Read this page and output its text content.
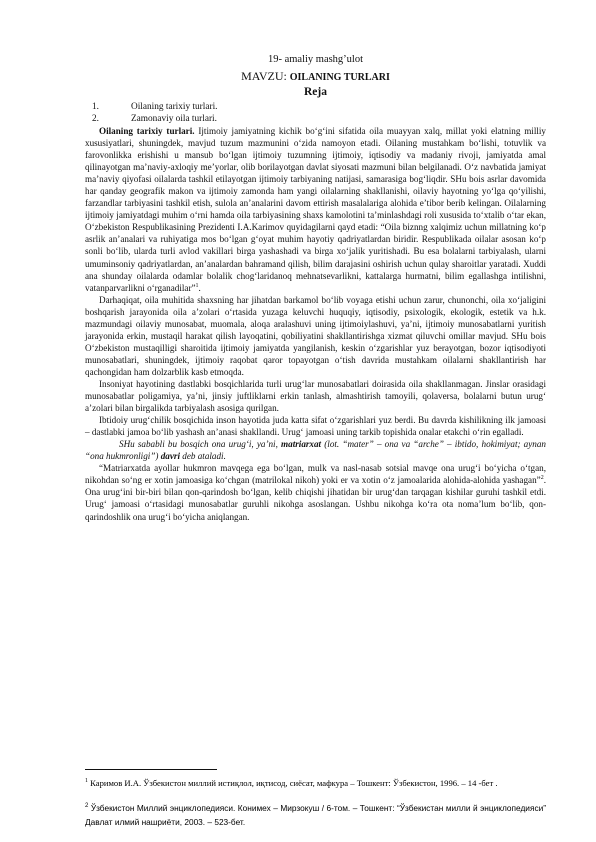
19- amaliy mashg’ulot
MAVZU: OILANING TURLARI
Reja
1.	Oilaning tarixiy turlari.
2.	Zamonaviy oila turlari.

Oilaning tarixiy turlari. Ijtimoiy jamiyatning kichik bo‘g‘ini sifatida oila muayyan xalq, millat yoki elatning milliy xususiyatlari, shuningdek, mavjud tuzum mazmunini o‘zida namoyon etadi. Oilaning mustahkam bo‘lishi, totuvlik va farovonlikka erishishi u mansub bo‘lgan ijtimoiy tuzumning ijtimoiy, iqtisodiy va madaniy rivoji, jamiyatda amal qilinayotgan ma’naviy-axloqiy me’yorlar, olib borilayotgan davlat siyosati mazmuni bilan belgilanadi. O‘z navbatida jamiyat ma’naviy qiyofasi oilalarda tashkil etilayotgan ijtimoiy tarbiyaning natijasi, samarasiga bog‘liqdir. SHu bois asrlar davomida har qanday geografik makon va ijtimoiy zamonda ham yangi oilalarning shakllanishi, oilaviy hayotning yo‘lga qo‘yilishi, farzandlar tarbiyasini tashkil etish, sulola an’analarini davom ettirish masalalariga alohida e’tibor berib kelingan. Oilalarning ijtimoiy jamiyatdagi muhim o‘rni hamda oila tarbiyasining shaxs kamolotini ta’minlashdagi roli xususida to‘xtalib o‘tar ekan, O‘zbekiston Respublikasining Prezidenti I.A.Karimov quyidagilarni qayd etadi: “Oila biznng xalqimiz uchun millatning ko‘p asrlik an’analari va ruhiyatiga mos bo‘lgan g‘oyat muhim hayotiy qadriyatlardan biridir. Respublikada oilalar asosan ko‘p sonli bo‘lib, ularda turli avlod vakillari birga yashashadi va birga xo‘jalik yuritishadi. Bu esa bolalarni tarbiyalash, ularni umuminsoniy qadriyatlardan, an’analardan bahramand qilish, bilim darajasini oshirish uchun qulay sharoitlar yaratadi. Xuddi ana shunday oilalarda odamlar bolalik chog‘laridanoq mehnatsevarlikni, kattalarga hurmatni, bilim egallashga intilishni, vatanparvarlikni o‘rganadilar”$^1$.

Darhaqiqat, oila muhitida shaxsning har jihatdan barkamol bo‘lib voyaga etishi uchun zarur, chunonchi, oila xo‘jaligini boshqarish jarayonida oila a’zolari o‘rtasida yuzaga keluvchi huquqiy, iqtisodiy, psixologik, ekologik, estetik va h.k. mazmundagi oilaviy munosabat, muomala, aloqa aralashuvi uning ijtimoiylashuvi, ya’ni, ijtimoiy munosabatlarni yuritish jarayonida erkin, mustaqil harakat qilish layoqatini, qobiliyatini shakllantirishga xizmat qiluvchi omillar mavjud. SHu bois O‘zbekiston mustaqilligi sharoitida ijtimoiy jamiyatda yangilanish, keskin o‘zgarishlar yuz berayotgan, bozor iqtisodiyoti munosabatlari, shuningdek, ijtimoiy raqobat qaror topayotgan o‘tish davrida mustahkam oilalarni shakllantirish har qachongidan ham dolzarblik kasb etmoqda.

Insoniyat hayotining dastlabki bosqichlarida turli urug‘lar munosabatlari doirasida oila shakllanmagan. Jinslar orasidagi munosabatlar poligamiya, ya’ni, jinsiy juftliklarni erkin tanlash, almashtirish tamoyili, qolaversa, bolalarni butun urug‘ a’zolari bilan birgalikda tarbiyalash asosiga qurilgan.

Ibtidoiy urug‘chilik bosqichida inson hayotida juda katta sifat o‘zgarishlari yuz berdi. Bu davrda kishilikning ilk jamoasi – dastlabki jamoa bo‘lib yashash an’anasi shakllandi. Urug‘ jamoasi uning tarkib topishida onalar etakchi o‘rin egalladi.

SHu sababli bu bosqich ona urug‘i, ya’ni, matriarxat (lot. “mater” – ona va “arche” – ibtido, hokimiyat; aynan “ona hukmronligi”) davri deb ataladi.

“Matriarxatda ayollar hukmron mavqega ega bo‘lgan, mulk va nasl-nasab sotsial mavqe ona urug‘i bo‘yicha o‘tgan, nikohdan so‘ng er xotin jamoasiga ko‘chgan (matrilokal nikoh) yoki er va xotin o‘z jamoalarida alohida-alohida yashagan”$^2$. Ona urug‘ini bir-biri bilan qon-qarindosh bo‘lgan, kelib chiqishi jihatidan bir urug‘dan tarqagan kishilar guruhi tashkil etdi. Urug‘ jamoasi o‘rtasidagi munosabatlar guruhli nikohga asoslangan. Ushbu nikohga ko‘ra ota noma’lum bo‘lib, qon-qarindoshlik ona urug‘i bo‘yicha aniqlangan.

$^1$ Каримов И.А. Ўзбекистон миллий истиқлол, иқтисод, сиёсат, мафкура – Тошкент: Ўзбекистон, 1996. – 14 -бет .
$^2$ Ўзбекистон Миллий энциклопедияси. Конимех – Мирзокуш / 6-том. – Тошкент: “Ўзбекистан милли й энциклопедияси” Давлат илмий нашриёти, 2003. – 523-бет.
